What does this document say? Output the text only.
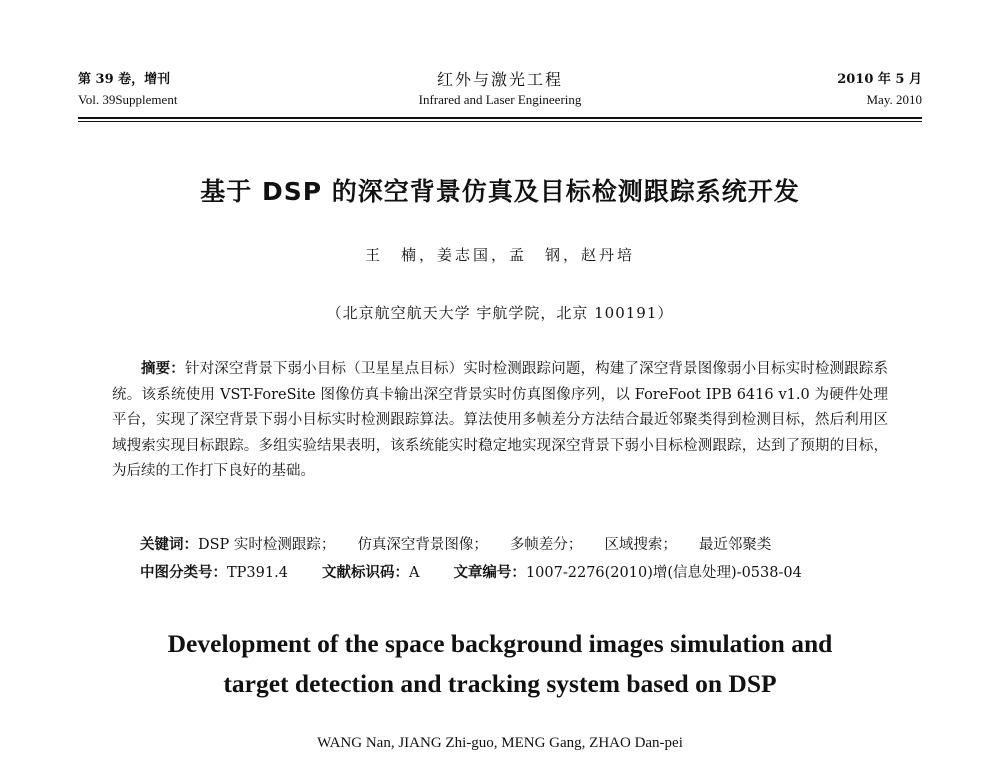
第 39 卷，增刊
Vol. 39Supplement
红外与激光工程
Infrared and Laser Engineering
2010 年 5 月
May. 2010
基于 DSP 的深空背景仿真及目标检测跟踪系统开发
王　楠，姜志国，孟　钢，赵丹培
（北京航空航天大学 宇航学院，北京 100191）

摘要：针对深空背景下弱小目标（卫星星点目标）实时检测跟踪问题，构建了深空背景图像弱小目标实时检测跟踪系统。该系统使用 VST-ForeSite 图像仿真卡输出深空背景实时仿真图像序列，以 ForeFoot IPB 6416 v1.0 为硬件处理平台，实现了深空背景下弱小目标实时检测跟踪算法。算法使用多帧差分方法结合最近邻聚类得到检测目标，然后利用区域搜索实现目标跟踪。多组实验结果表明，该系统能实时稳定地实现深空背景下弱小目标检测跟踪，达到了预期的目标，为后续的工作打下良好的基础。

关键词：DSP 实时检测跟踪； 仿真深空背景图像； 多帧差分； 区域搜索； 最近邻聚类
中图分类号：TP391.4 文献标识码：A 文章编号：1007-2276(2010)增(信息处理)-0538-04
Development of the space background images simulation and
target detection and tracking system based on DSP
WANG Nan, JIANG Zhi-guo, MENG Gang, ZHAO Dan-pei
